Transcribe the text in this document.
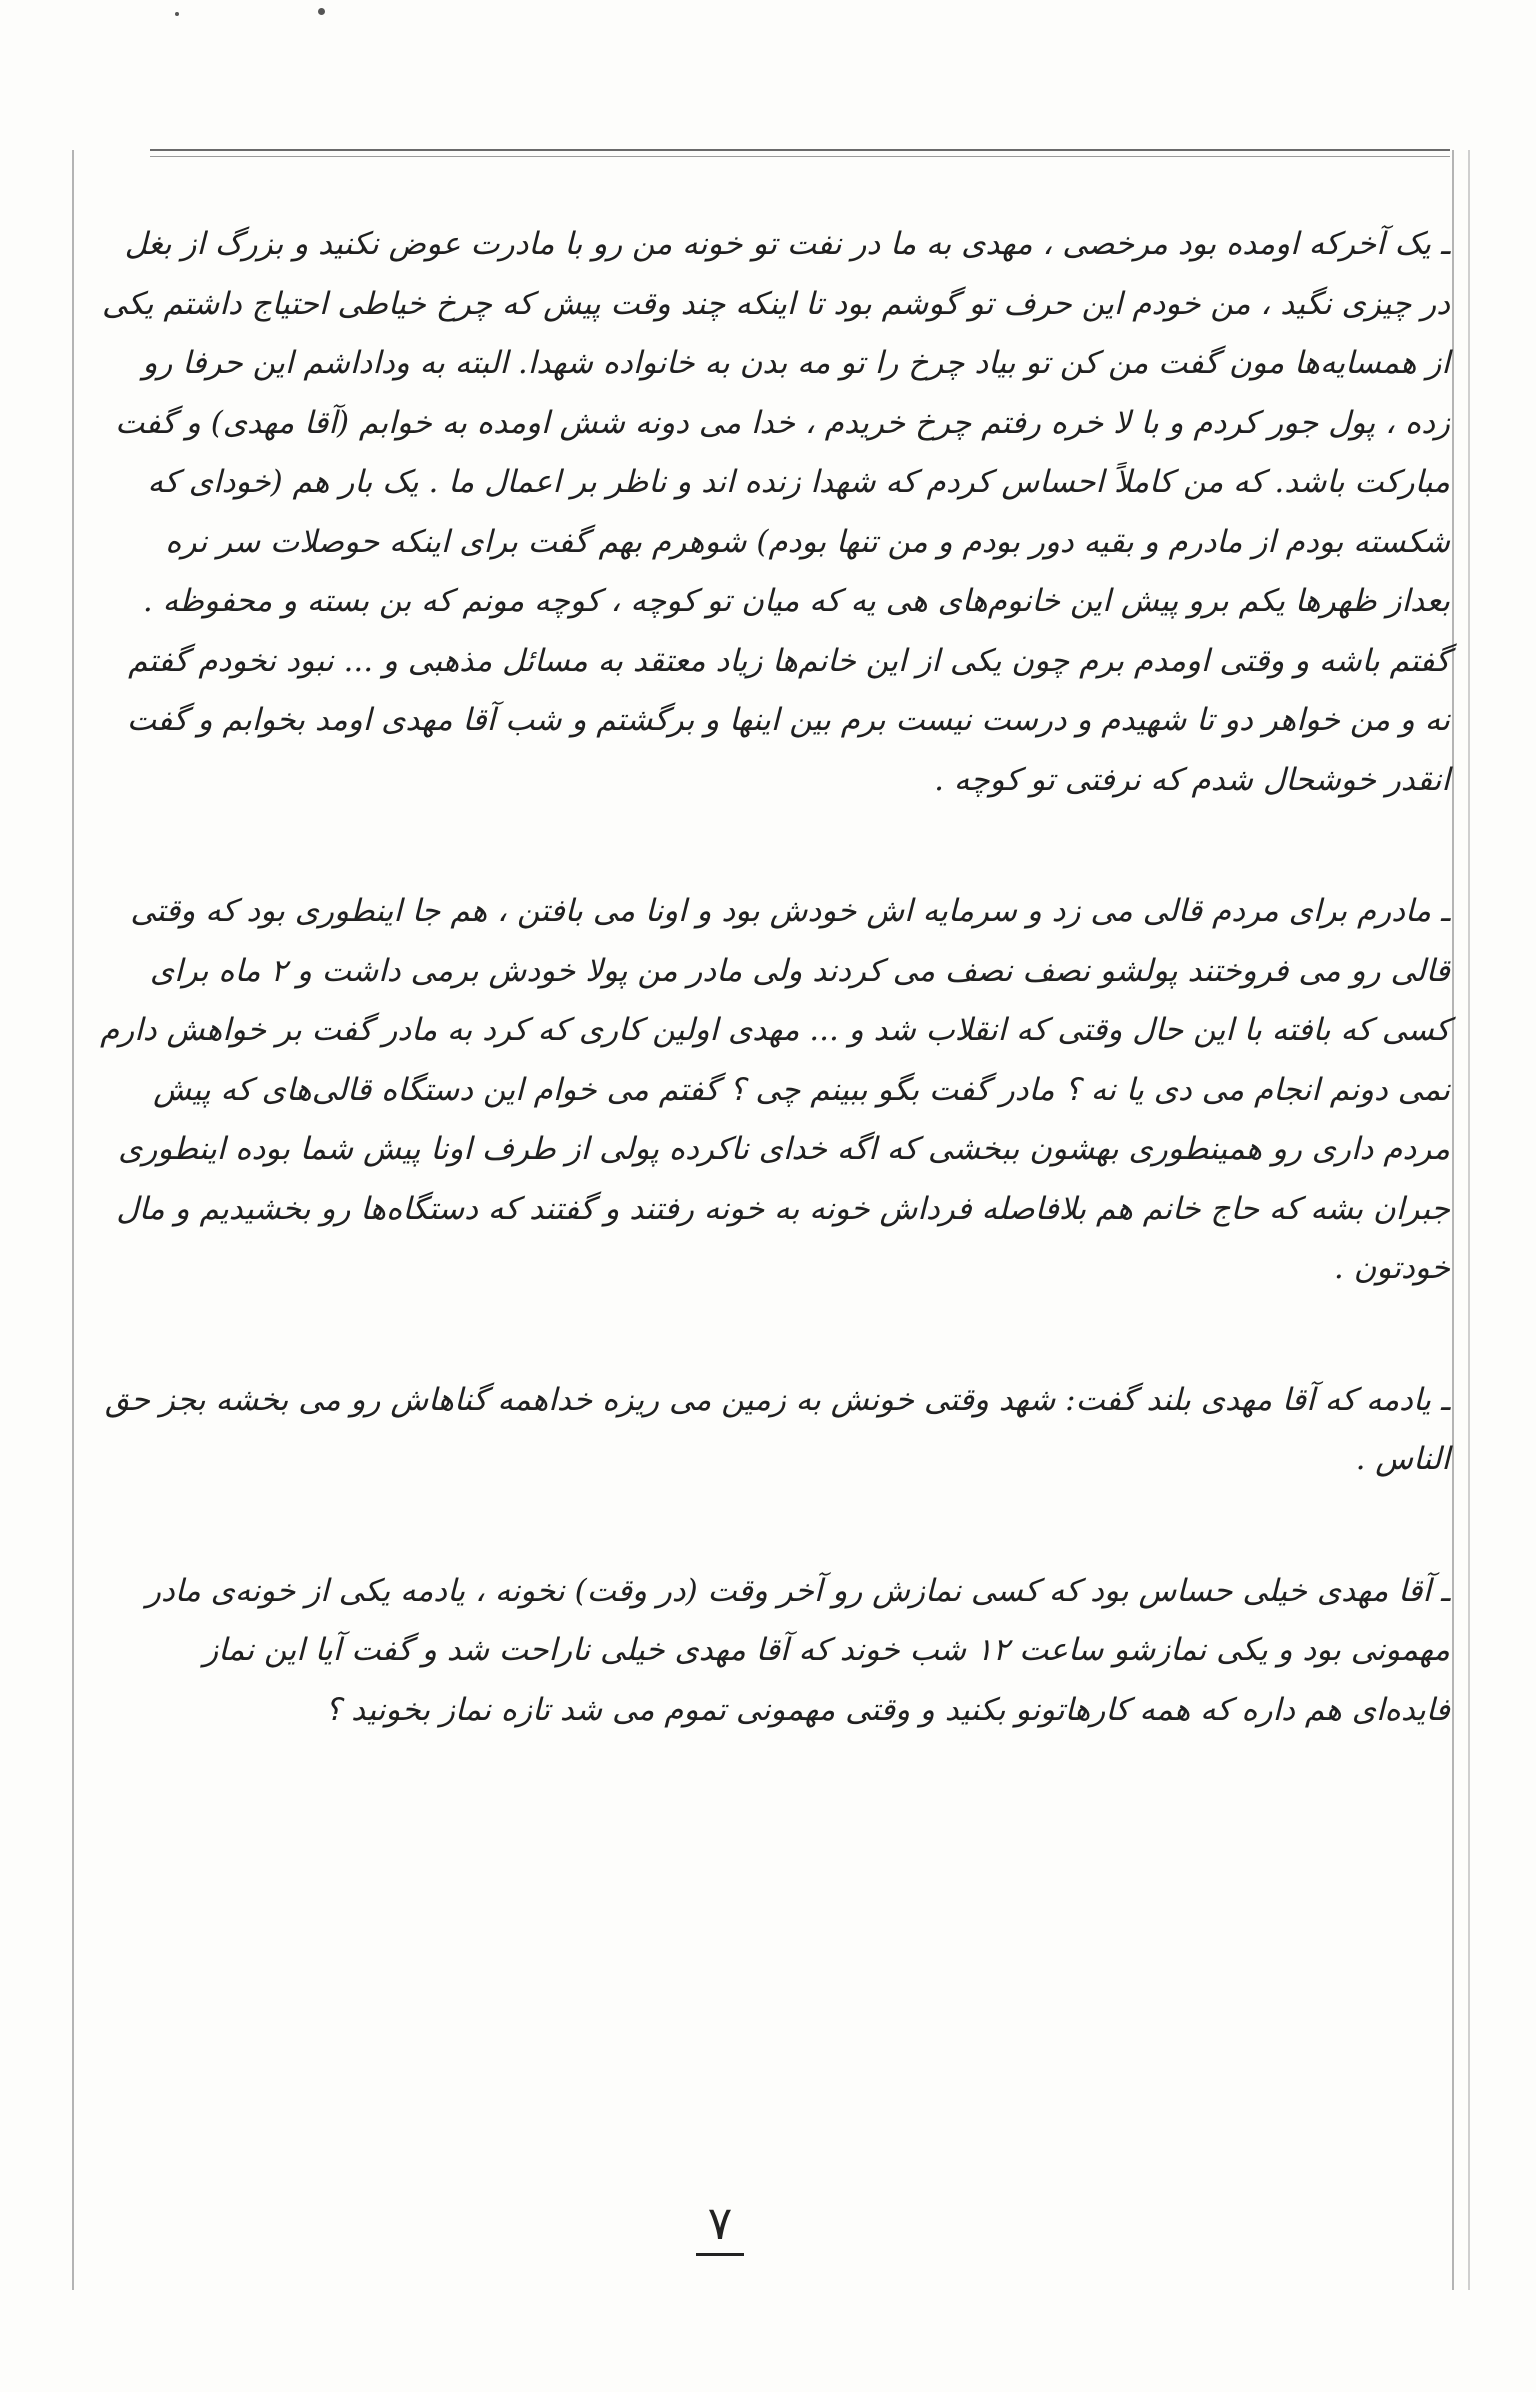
ـ یک آخرکه اومده بود مرخصی ، مهدی به ما در نفت تو خونه من رو با مادرت عوض نکنید و بزرگ از بغل در چیزی نگید ، من خودم این حرف تو گوشم بود تا اینکه چند وقت پیش که چرخ خیاطی احتیاج داشتم یکی از همسایه‌ها مون گفت من کن تو بیاد چرخ را تو مه بدن به خانواده شهدا. البته به وداداشم این حرفا رو زده ، پول جور کردم و با لا خره رفتم چرخ خریدم ، خدا می دونه شش اومده به خوابم (آقا مهدی) و گفت مبارکت باشد. که من کاملاً احساس کردم که شهدا زنده اند و ناظر بر اعمال ما . یک بار هم (خودای که شکسته بودم از مادرم و بقیه دور بودم و من تنها بودم) شوهرم بهم گفت برای اینکه حوصلات سر نره بعداز ظهرها یکم برو پیش این خانوم‌های هی یه که میان تو کوچه ، کوچه مونم که بن بسته و محفوظه . گفتم باشه و وقتی اومدم برم چون یکی از این خانم‌ها زیاد معتقد به مسائل مذهبی و ... نبود نخودم گفتم نه و من خواهر دو تا شهیدم و درست نیست برم بین اینها و برگشتم و شب آقا مهدی اومد بخوابم و گفت انقدر خوشحال شدم که نرفتی تو کوچه .

ـ مادرم برای مردم قالی می زد و سرمایه اش خودش بود و اونا می بافتن ، هم جا اینطوری بود که وقتی قالی رو می فروختند پولشو نصف نصف می کردند ولی مادر من پولا خودش برمی داشت و ۲ ماه برای کسی که بافته با این حال وقتی که انقلاب شد و ... مهدی اولین کاری که کرد به مادر گفت بر خواهش دارم نمی دونم انجام می دی یا نه ؟ مادر گفت بگو ببینم چی ؟ گفتم می خوام این دستگاه قالی‌های که پیش مردم داری رو همینطوری بهشون ببخشی که اگه خدای ناکرده پولی از طرف اونا پیش شما بوده اینطوری جبران بشه که حاج خانم هم بلافاصله فرداش خونه به خونه رفتند و گفتند که دستگاه‌ها رو بخشیدیم و مال خودتون .

ـ یادمه که آقا مهدی بلند گفت: شهد وقتی خونش به زمین می ریزه خداهمه گناهاش رو می بخشه بجز حق الناس .

ـ آقا مهدی خیلی حساس بود که کسی نمازش رو آخر وقت (در وقت) نخونه ، یادمه یکی از خونه‌ی مادر مهمونی بود و یکی نمازشو ساعت ۱۲ شب خوند که آقا مهدی خیلی ناراحت شد و گفت آیا این نماز فایده‌ای هم داره که همه کارهاتونو بکنید و وقتی مهمونی تموم می شد تازه نماز بخونید ؟

۷
